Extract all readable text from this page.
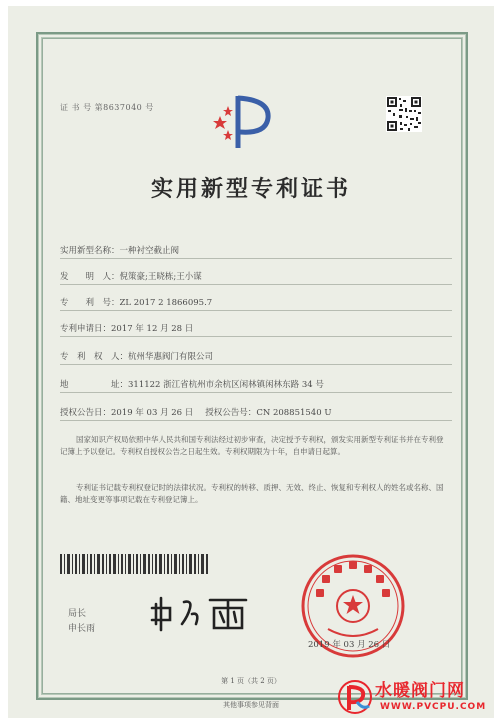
证 书 号 第8637040 号
实用新型专利证书
实用新型名称：一种衬空截止阀
发　　明　人：倪策豪;王晓栋;王小谋
专　　利　号：ZL 2017 2 1866095.7
专利申请日：2017 年 12 月 28 日
专　利　权　人：杭州华惠阀门有限公司
地　　　　　址：311122 浙江省杭州市余杭区闲林镇闲林东路 34 号
授权公告日：2019 年 03 月 26 日 授权公告号：CN 208851540 U
国家知识产权局依照中华人民共和国专利法经过初步审查，决定授予专利权，颁发实用新型专利证书并在专利登记簿上予以登记。专利权自授权公告之日起生效。专利权期限为十年，自申请日起算。
专利证书记载专利权登记时的法律状况。专利权的转移、质押、无效、终止、恢复和专利权人的姓名或名称、国籍、地址变更等事项记载在专利登记簿上。
局长
申长雨
2019 年 03 月 26 日
第 1 页（共 2 页）
其他事项参见背面
水暖阀门网
WWW.PVCPU.COM
